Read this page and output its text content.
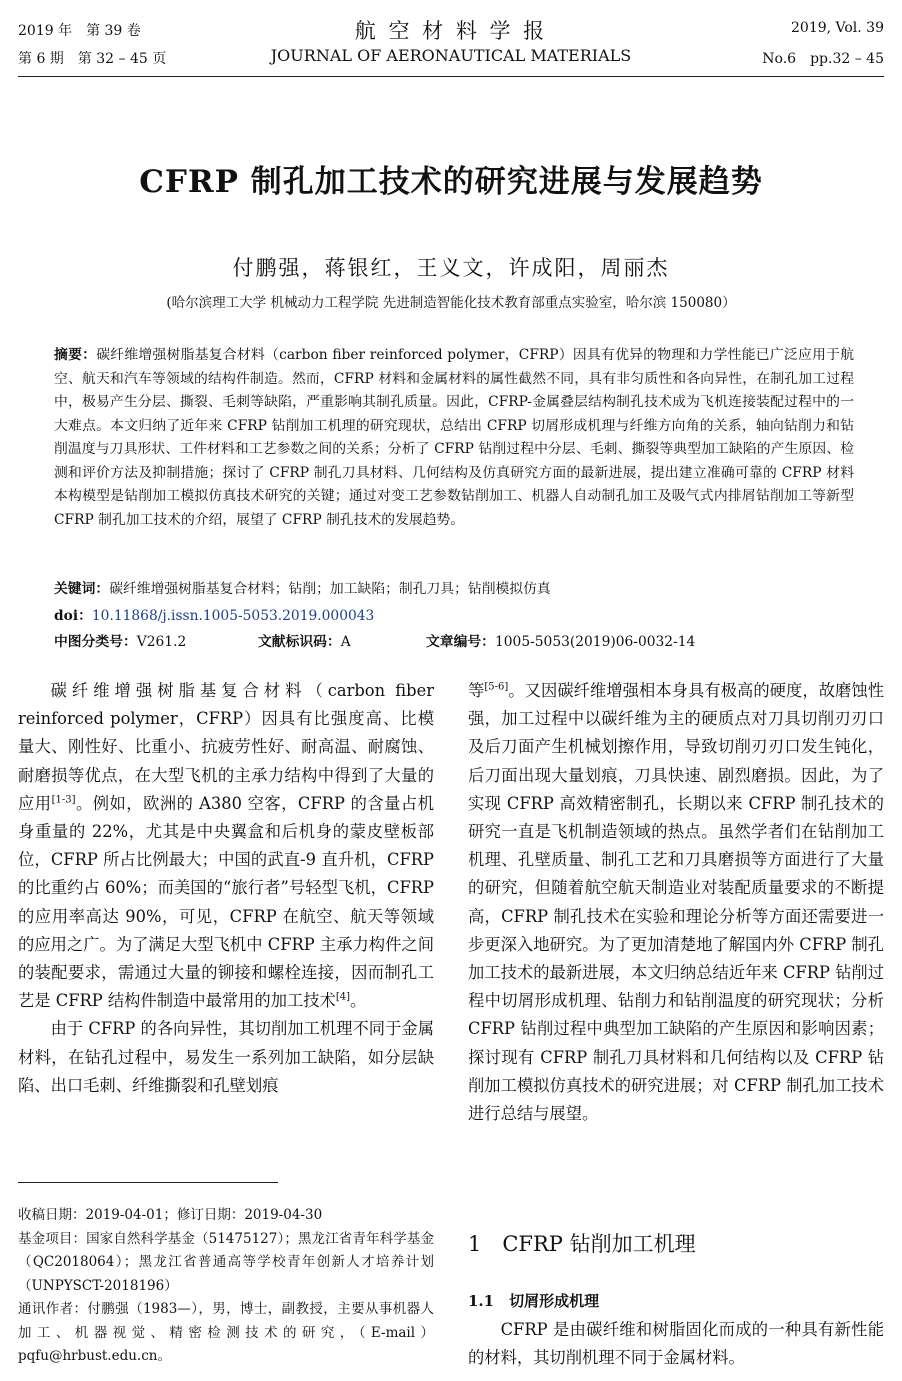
2019 年　第 39 卷
第 6 期　第 32 – 45 页
航 空 材 料 学 报
JOURNAL OF AERONAUTICAL MATERIALS
2019, Vol. 39
No.6　pp.32 – 45
CFRP 制孔加工技术的研究进展与发展趋势
付鹏强，蒋银红，王义文，许成阳，周丽杰
(哈尔滨理工大学 机械动力工程学院 先进制造智能化技术教育部重点实验室，哈尔滨 150080）
摘要：碳纤维增强树脂基复合材料（carbon fiber reinforced polymer，CFRP）因具有优异的物理和力学性能已广泛应用于航空、航天和汽车等领域的结构件制造。然而，CFRP 材料和金属材料的属性截然不同，具有非匀质性和各向异性，在制孔加工过程中，极易产生分层、撕裂、毛刺等缺陷，严重影响其制孔质量。因此，CFRP-金属叠层结构制孔技术成为飞机连接装配过程中的一大难点。本文归纳了近年来 CFRP 钻削加工机理的研究现状，总结出 CFRP 切屑形成机理与纤维方向角的关系，轴向钻削力和钻削温度与刀具形状、工件材料和工艺参数之间的关系；分析了 CFRP 钻削过程中分层、毛刺、撕裂等典型加工缺陷的产生原因、检测和评价方法及抑制措施；探讨了 CFRP 制孔刀具材料、几何结构及仿真研究方面的最新进展，提出建立准确可靠的 CFRP 材料本构模型是钻削加工模拟仿真技术研究的关键；通过对变工艺参数钻削加工、机器人自动制孔加工及吸气式内排屑钻削加工等新型 CFRP 制孔加工技术的介绍，展望了 CFRP 制孔技术的发展趋势。
关键词：碳纤维增强树脂基复合材料；钻削；加工缺陷；制孔刀具；钻削模拟仿真
doi：10.11868/j.issn.1005-5053.2019.000043
中图分类号：V261.2	文献标识码：A	文章编号：1005-5053(2019)06-0032-14

碳纤维增强树脂基复合材料（carbon fiber reinforced polymer，CFRP）因具有比强度高、比模量大、刚性好、比重小、抗疲劳性好、耐高温、耐腐蚀、耐磨损等优点，在大型飞机的主承力结构中得到了大量的应用[1-3]。例如，欧洲的 A380 空客，CFRP 的含量占机身重量的 22%，尤其是中央翼盒和后机身的蒙皮壁板部位，CFRP 所占比例最大；中国的武直-9 直升机，CFRP 的比重约占 60%；而美国的“旅行者”号轻型飞机，CFRP 的应用率高达 90%，可见，CFRP 在航空、航天等领域的应用之广。为了满足大型飞机中 CFRP 主承力构件之间的装配要求，需通过大量的铆接和螺栓连接，因而制孔工艺是 CFRP 结构件制造中最常用的加工技术[4]。

由于 CFRP 的各向异性，其切削加工机理不同于金属材料，在钻孔过程中，易发生一系列加工缺陷，如分层缺陷、出口毛刺、纤维撕裂和孔壁划痕

收稿日期：2019-04-01；修订日期：2019-04-30

基金项目：国家自然科学基金（51475127）；黑龙江省青年科学基金（QC2018064）；黑龙江省普通高等学校青年创新人才培养计划（UNPYSCT-2018196）

通讯作者：付鹏强（1983—），男，博士，副教授，主要从事机器人加工、机器视觉、精密检测技术的研究，（E-mail）pqfu@hrbust.edu.cn。

等[5-6]。又因碳纤维增强相本身具有极高的硬度，故磨蚀性强，加工过程中以碳纤维为主的硬质点对刀具切削刃刃口及后刀面产生机械划擦作用，导致切削刃刃口发生钝化，后刀面出现大量划痕，刀具快速、剧烈磨损。因此，为了实现 CFRP 高效精密制孔，长期以来 CFRP 制孔技术的研究一直是飞机制造领域的热点。虽然学者们在钻削加工机理、孔壁质量、制孔工艺和刀具磨损等方面进行了大量的研究，但随着航空航天制造业对装配质量要求的不断提高，CFRP 制孔技术在实验和理论分析等方面还需要进一步更深入地研究。为了更加清楚地了解国内外 CFRP 制孔加工技术的最新进展，本文归纳总结近年来 CFRP 钻削过程中切屑形成机理、钻削力和钻削温度的研究现状；分析 CFRP 钻削过程中典型加工缺陷的产生原因和影响因素；探讨现有 CFRP 制孔刀具材料和几何结构以及 CFRP 钻削加工模拟仿真技术的研究进展；对 CFRP 制孔加工技术进行总结与展望。

1　CFRP 钻削加工机理
1.1　切屑形成机理

CFRP 是由碳纤维和树脂固化而成的一种具有新性能的材料，其切削机理不同于金属材料。
